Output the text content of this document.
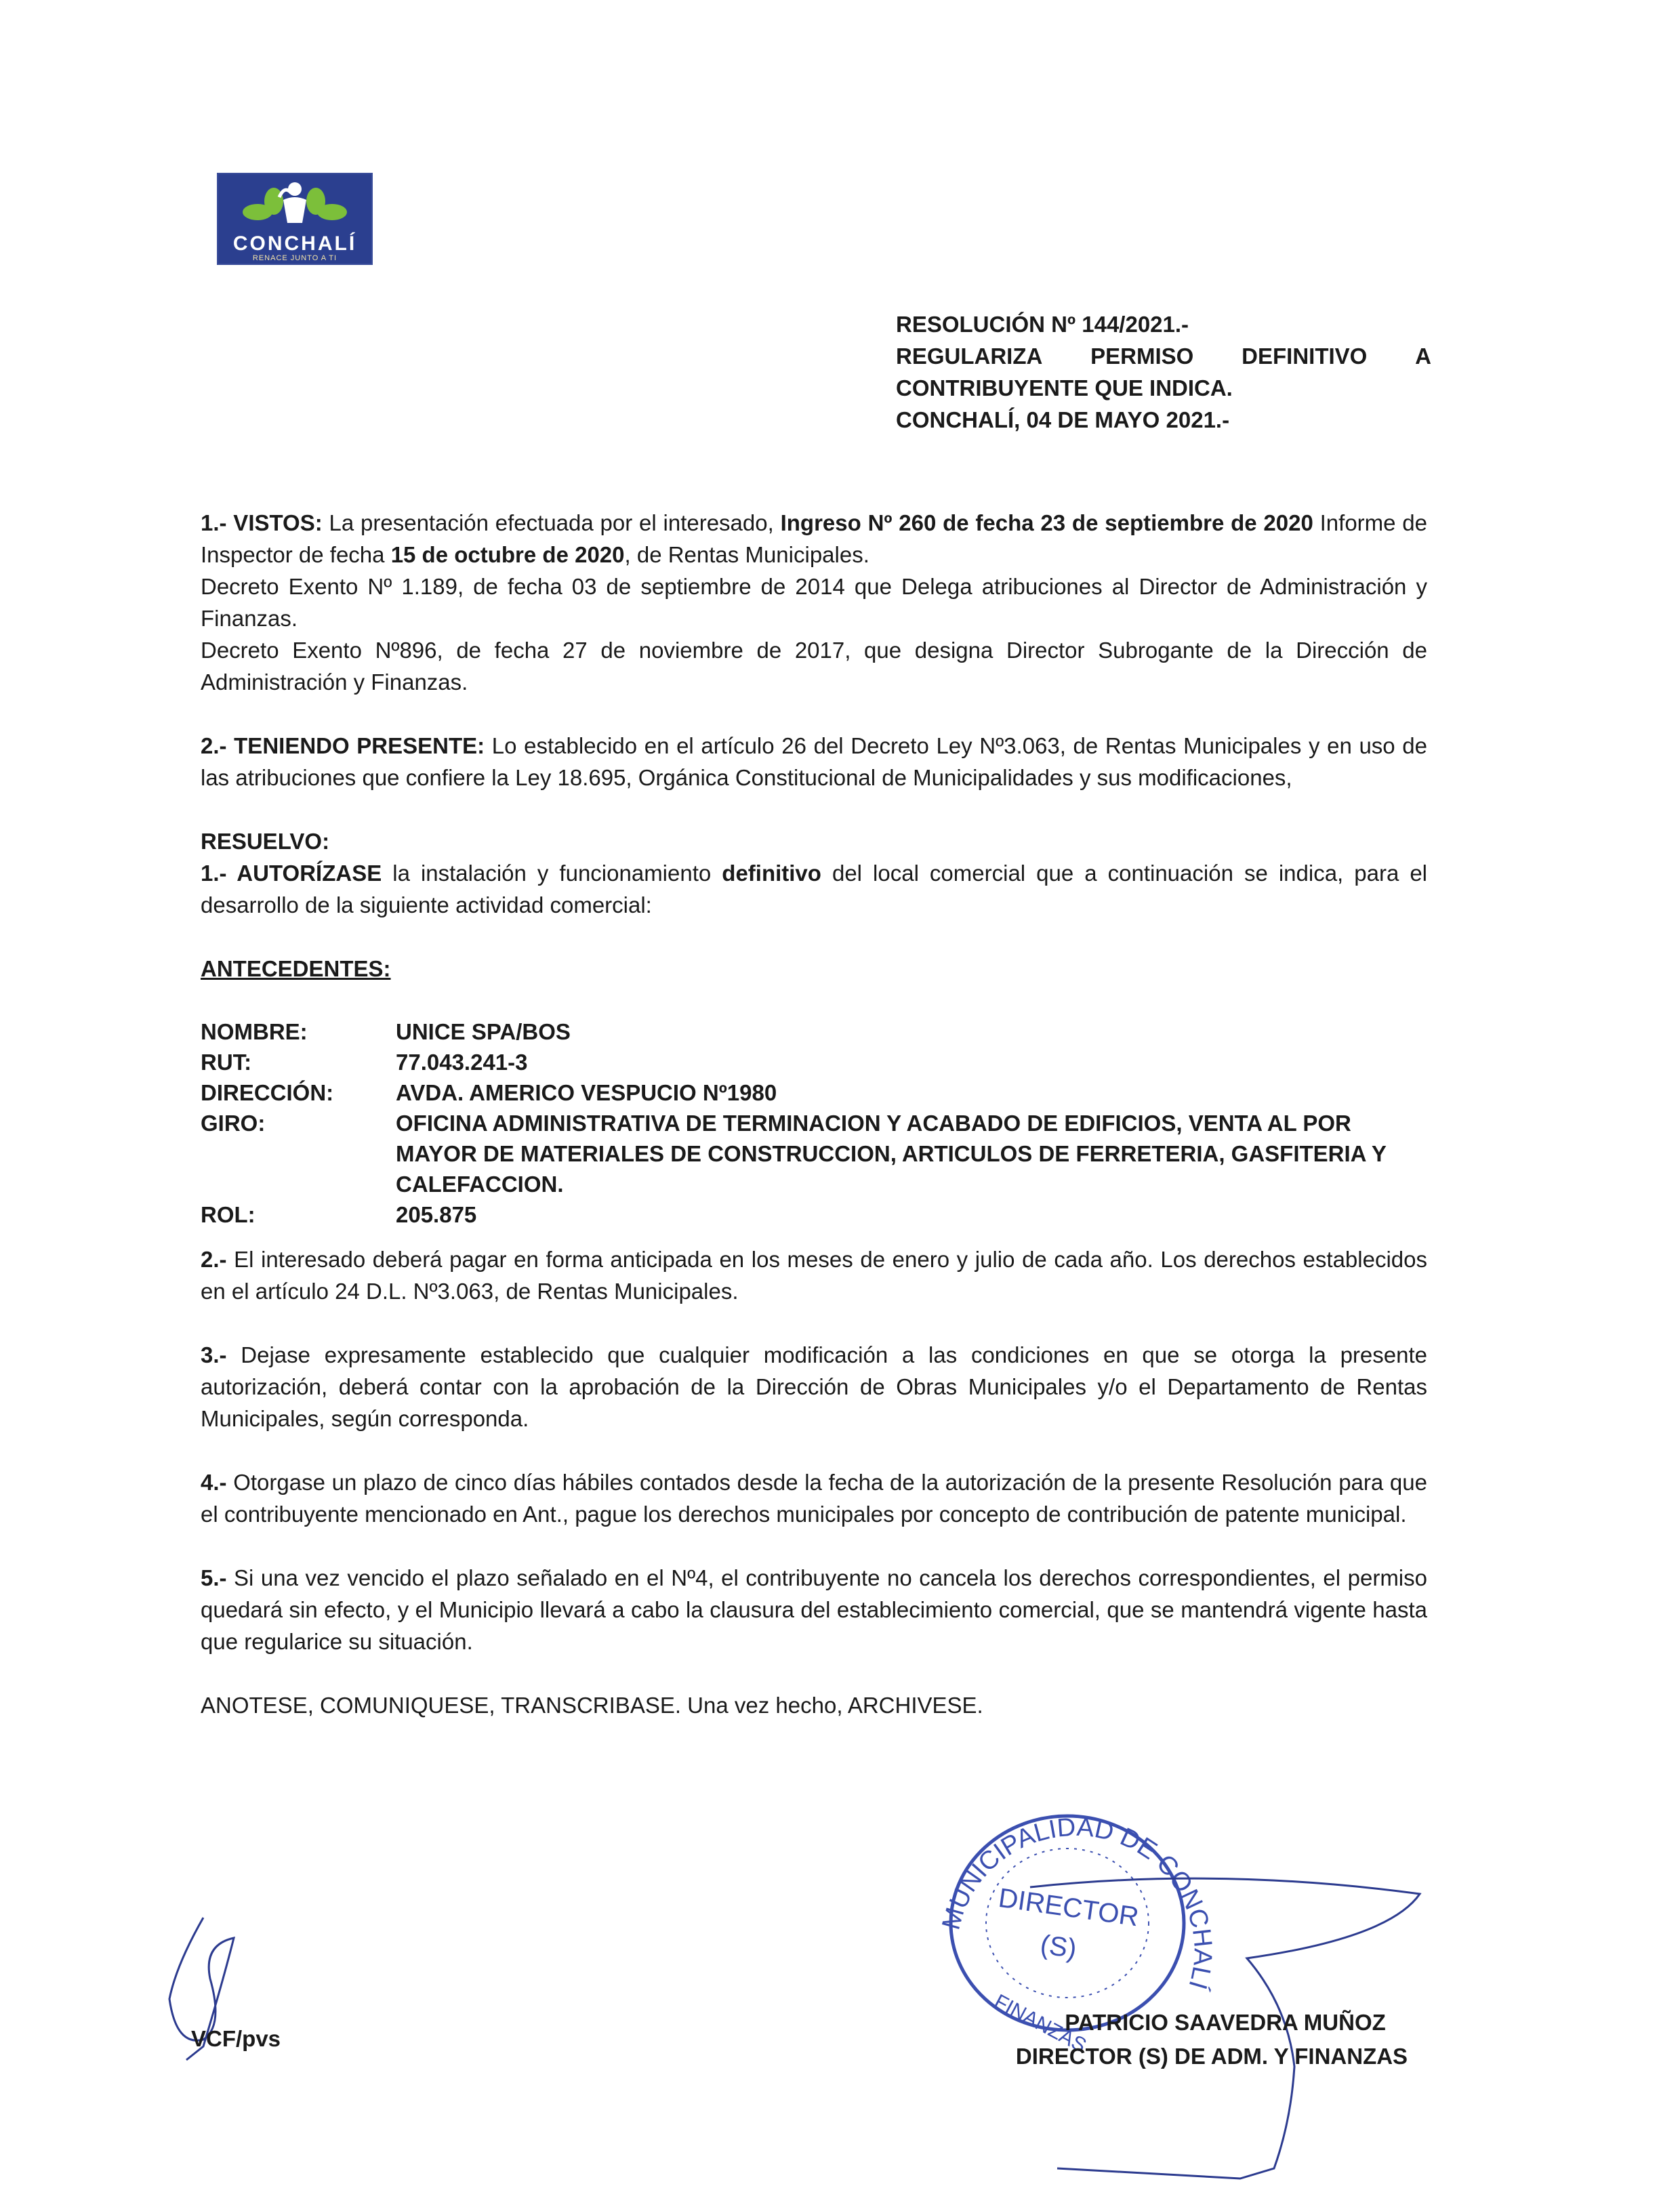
CONCHALÍ
RENACE JUNTO A TI
RESOLUCIÓN Nº 144/2021.-
REGULARIZA PERMISO DEFINITIVO A
CONTRIBUYENTE QUE INDICA.
CONCHALÍ, 04 DE MAYO 2021.-

1.- VISTOS: La presentación efectuada por el interesado, Ingreso Nº 260 de fecha 23 de septiembre de 2020 Informe de Inspector de fecha 15 de octubre de 2020, de Rentas Municipales.

Decreto Exento Nº 1.189, de fecha 03 de septiembre de 2014 que Delega atribuciones al Director de Administración y Finanzas.

Decreto Exento Nº896, de fecha 27 de noviembre de 2017, que designa Director Subrogante de la Dirección de Administración y Finanzas.

2.- TENIENDO PRESENTE: Lo establecido en el artículo 26 del Decreto Ley Nº3.063, de Rentas Municipales y en uso de las atribuciones que confiere la Ley 18.695, Orgánica Constitucional de Municipalidades y sus modificaciones,

RESUELVO:

1.- AUTORÍZASE la instalación y funcionamiento definitivo del local comercial que a continuación se indica, para el desarrollo de la siguiente actividad comercial:

ANTECEDENTES:

NOMBRE:	UNICE SPA/BOS
RUT:	77.043.241-3
DIRECCIÓN:	AVDA. AMERICO VESPUCIO Nº1980
GIRO:	OFICINA ADMINISTRATIVA DE TERMINACION Y ACABADO DE EDIFICIOS, VENTA AL POR MAYOR DE MATERIALES DE CONSTRUCCION, ARTICULOS DE FERRETERIA, GASFITERIA Y CALEFACCION.
ROL:	205.875

2.- El interesado deberá pagar en forma anticipada en los meses de enero y julio de cada año. Los derechos establecidos en el artículo 24 D.L. Nº3.063, de Rentas Municipales.

3.- Dejase expresamente establecido que cualquier modificación a las condiciones en que se otorga la presente autorización, deberá contar con la aprobación de la Dirección de Obras Municipales y/o el Departamento de Rentas Municipales, según corresponda.

4.- Otorgase un plazo de cinco días hábiles contados desde la fecha de la autorización de la presente Resolución para que el contribuyente mencionado en Ant., pague los derechos municipales por concepto de contribución de patente municipal.

5.- Si una vez vencido el plazo señalado en el Nº4, el contribuyente no cancela los derechos correspondientes, el permiso quedará sin efecto, y el Municipio llevará a cabo la clausura del establecimiento comercial, que se mantendrá vigente hasta que regularice su situación.

ANOTESE, COMUNIQUESE, TRANSCRIBASE. Una vez hecho, ARCHIVESE.

MUNICIPALIDAD DE CONCHALÍ
DIRECTOR
(S)
FINANZAS
VCF/pvs
PATRICIO SAAVEDRA MUÑOZ
DIRECTOR (S) DE ADM. Y FINANZAS
